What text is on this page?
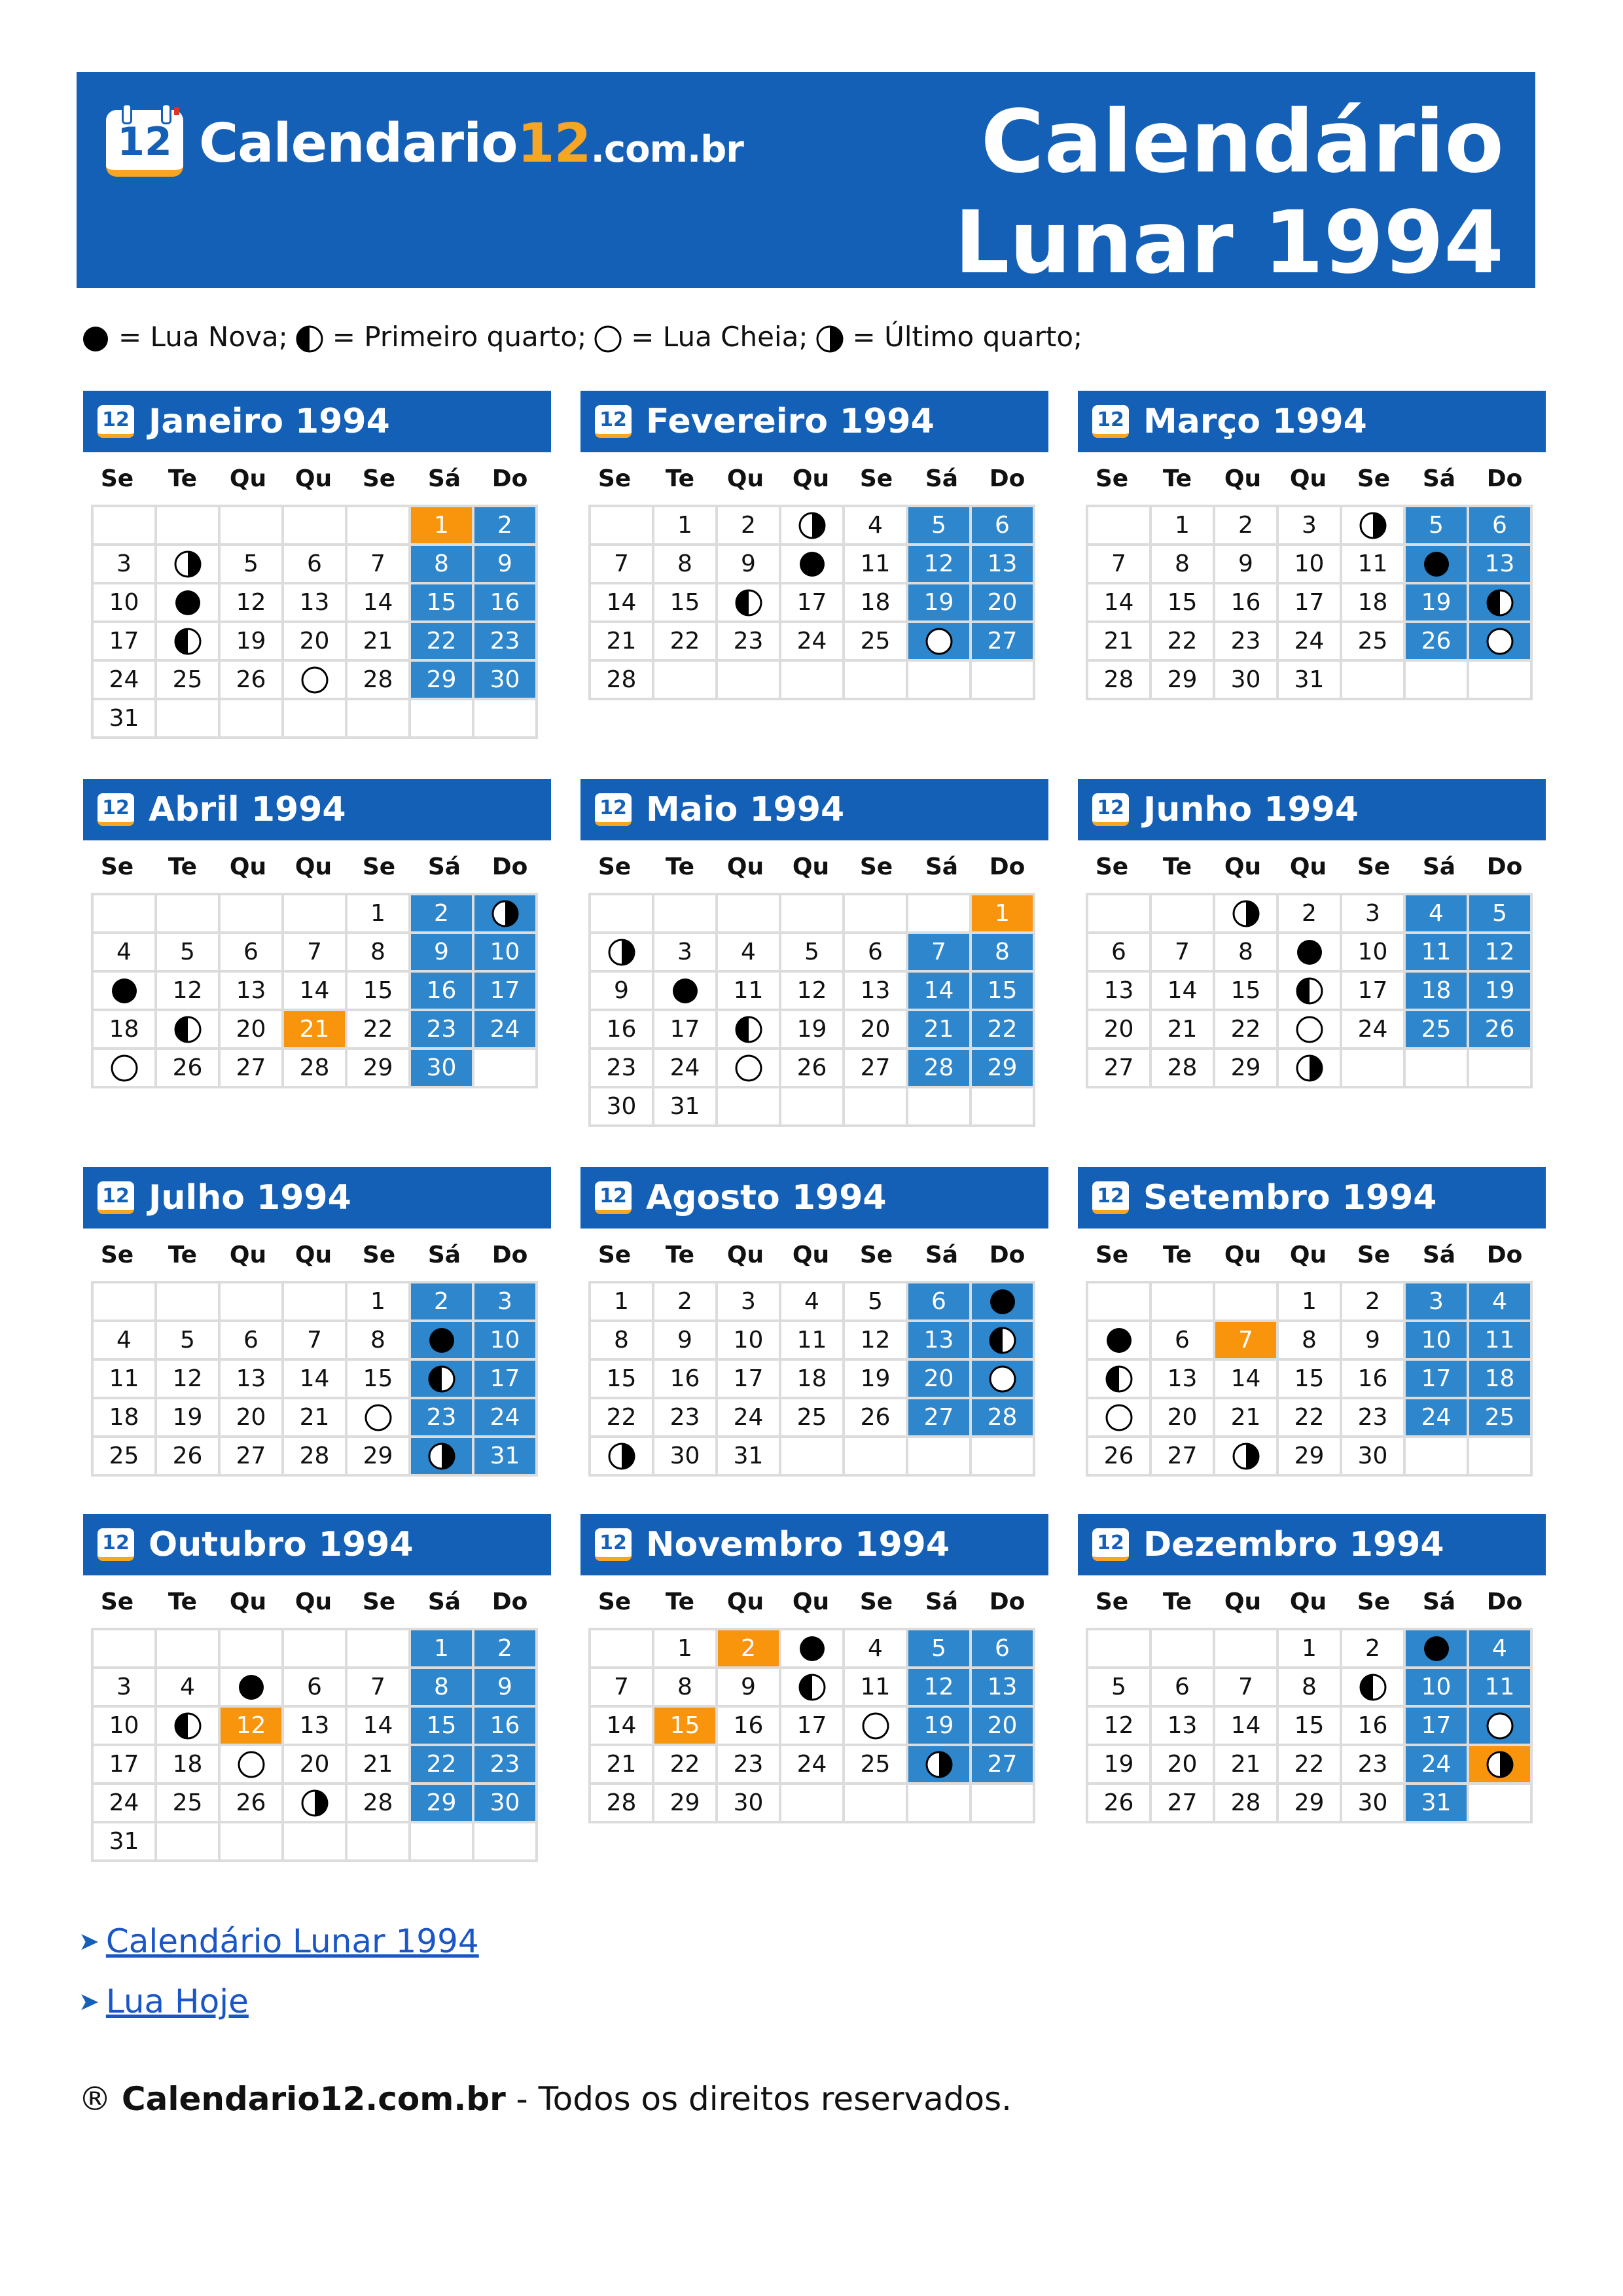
12 Calendario12.com.br	Calendário
Lunar 1994
= Lua Nova; = Primeiro quarto; = Lua Cheia; = Último quarto;
12 Janeiro 1994
Se	Te	Qu	Qu	Se	Sá	Do
					1	2
3		5	6	7	8	9
10		12	13	14	15	16
17		19	20	21	22	23
24	25	26		28	29	30
31						
12 Fevereiro 1994
Se	Te	Qu	Qu	Se	Sá	Do
	1	2		4	5	6
7	8	9		11	12	13
14	15		17	18	19	20
21	22	23	24	25		27
28						
12 Março 1994
Se	Te	Qu	Qu	Se	Sá	Do
	1	2	3		5	6
7	8	9	10	11		13
14	15	16	17	18	19	
21	22	23	24	25	26	
28	29	30	31			
12 Abril 1994
Se	Te	Qu	Qu	Se	Sá	Do
				1	2	
4	5	6	7	8	9	10
	12	13	14	15	16	17
18		20	21	22	23	24
	26	27	28	29	30	
12 Maio 1994
Se	Te	Qu	Qu	Se	Sá	Do
						1
	3	4	5	6	7	8
9		11	12	13	14	15
16	17		19	20	21	22
23	24		26	27	28	29
30	31					
12 Junho 1994
Se	Te	Qu	Qu	Se	Sá	Do
			2	3	4	5
6	7	8		10	11	12
13	14	15		17	18	19
20	21	22		24	25	26
27	28	29				
12 Julho 1994
Se	Te	Qu	Qu	Se	Sá	Do
				1	2	3
4	5	6	7	8		10
11	12	13	14	15		17
18	19	20	21		23	24
25	26	27	28	29		31
12 Agosto 1994
Se	Te	Qu	Qu	Se	Sá	Do
1	2	3	4	5	6	
8	9	10	11	12	13	
15	16	17	18	19	20	
22	23	24	25	26	27	28
	30	31				
12 Setembro 1994
Se	Te	Qu	Qu	Se	Sá	Do
			1	2	3	4
	6	7	8	9	10	11
	13	14	15	16	17	18
	20	21	22	23	24	25
26	27		29	30		
12 Outubro 1994
Se	Te	Qu	Qu	Se	Sá	Do
					1	2
3	4		6	7	8	9
10		12	13	14	15	16
17	18		20	21	22	23
24	25	26		28	29	30
31						
12 Novembro 1994
Se	Te	Qu	Qu	Se	Sá	Do
	1	2		4	5	6
7	8	9		11	12	13
14	15	16	17		19	20
21	22	23	24	25		27
28	29	30				
12 Dezembro 1994
Se	Te	Qu	Qu	Se	Sá	Do
			1	2		4
5	6	7	8		10	11
12	13	14	15	16	17	
19	20	21	22	23	24	
26	27	28	29	30	31	
➤ Calendário Lunar 1994
➤ Lua Hoje
® Calendario12.com.br - Todos os direitos reservados.
